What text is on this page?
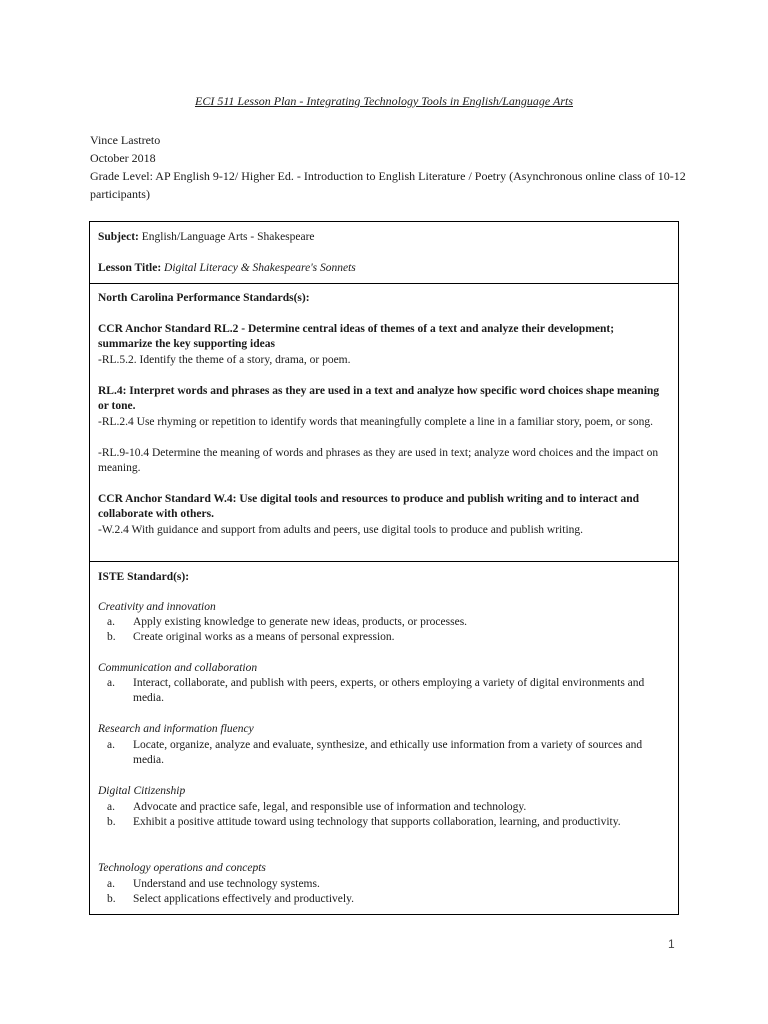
ECI 511 Lesson Plan - Integrating Technology Tools in English/Language Arts
Vince Lastreto
October 2018
Grade Level: AP English 9-12/ Higher Ed. - Introduction to English Literature / Poetry (Asynchronous online class of 10-12 participants)
Subject: English/Language Arts - Shakespeare
Lesson Title: Digital Literacy & Shakespeare's Sonnets
North Carolina Performance Standards(s):
CCR Anchor Standard RL.2 - Determine central ideas of themes of a text and analyze their development; summarize the key supporting ideas
-RL.5.2. Identify the theme of a story, drama, or poem.
RL.4: Interpret words and phrases as they are used in a text and analyze how specific word choices shape meaning or tone.
-RL.2.4 Use rhyming or repetition to identify words that meaningfully complete a line in a familiar story, poem, or song.
-RL.9-10.4 Determine the meaning of words and phrases as they are used in text; analyze word choices and the impact on meaning.
CCR Anchor Standard W.4: Use digital tools and resources to produce and publish writing and to interact and collaborate with others.
-W.2.4 With guidance and support from adults and peers, use digital tools to produce and publish writing.
ISTE Standard(s):
Creativity and innovation
a.	Apply existing knowledge to generate new ideas, products, or processes.
b.	Create original works as a means of personal expression.
Communication and collaboration
a.	Interact, collaborate, and publish with peers, experts, or others employing a variety of digital environments and media.
Research and information fluency
a.	Locate, organize, analyze and evaluate, synthesize, and ethically use information from a variety of sources and media.
Digital Citizenship
a.	Advocate and practice safe, legal, and responsible use of information and technology.
b.	Exhibit a positive attitude toward using technology that supports collaboration, learning, and productivity.
Technology operations and concepts
a.	Understand and use technology systems.
b.	Select applications effectively and productively.
1
